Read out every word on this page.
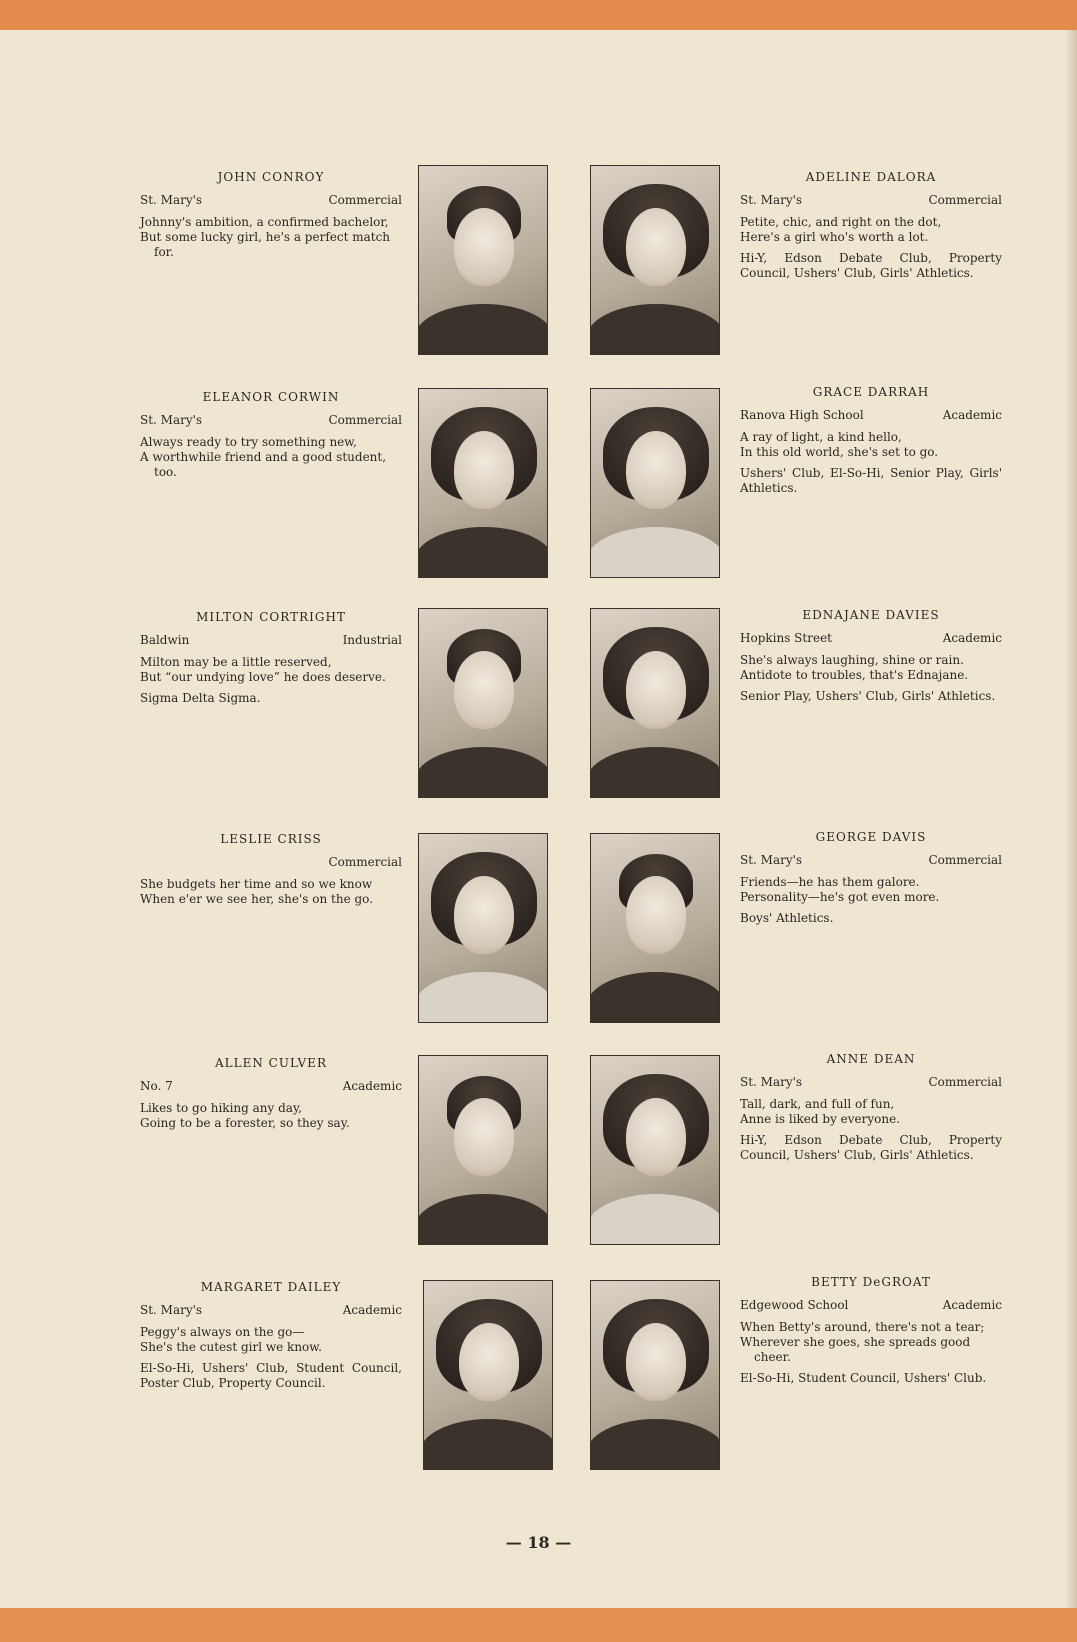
JOHN CONROY
St. Mary's	Commercial
Johnny's ambition, a confirmed bachelor,
But some lucky girl, he's a perfect match for.
ADELINE DALORA
St. Mary's	Commercial
Petite, chic, and right on the dot,
Here's a girl who's worth a lot.
Hi-Y, Edson Debate Club, Property Council, Ushers' Club, Girls' Athletics.
ELEANOR CORWIN
St. Mary's	Commercial
Always ready to try something new,
A worthwhile friend and a good student, too.
GRACE DARRAH
Ranova High School	Academic
A ray of light, a kind hello,
In this old world, she's set to go.
Ushers' Club, El-So-Hi, Senior Play, Girls' Athletics.
MILTON CORTRIGHT
Baldwin	Industrial
Milton may be a little reserved,
But “our undying love” he does deserve.
Sigma Delta Sigma.
EDNAJANE DAVIES
Hopkins Street	Academic
She's always laughing, shine or rain.
Antidote to troubles, that's Ednajane.
Senior Play, Ushers' Club, Girls' Athletics.
LESLIE CRISS
Commercial
She budgets her time and so we know
When e'er we see her, she's on the go.
GEORGE DAVIS
St. Mary's	Commercial
Friends—he has them galore.
Personality—he's got even more.
Boys' Athletics.
ALLEN CULVER
No. 7	Academic
Likes to go hiking any day,
Going to be a forester, so they say.
ANNE DEAN
St. Mary's	Commercial
Tall, dark, and full of fun,
Anne is liked by everyone.
Hi-Y, Edson Debate Club, Property Council, Ushers' Club, Girls' Athletics.
MARGARET DAILEY
St. Mary's	Academic
Peggy's always on the go—
She's the cutest girl we know.
El-So-Hi, Ushers' Club, Student Council, Poster Club, Property Council.
BETTY DeGROAT
Edgewood School	Academic
When Betty's around, there's not a tear;
Wherever she goes, she spreads good cheer.
El-So-Hi, Student Council, Ushers' Club.
— 18 —
